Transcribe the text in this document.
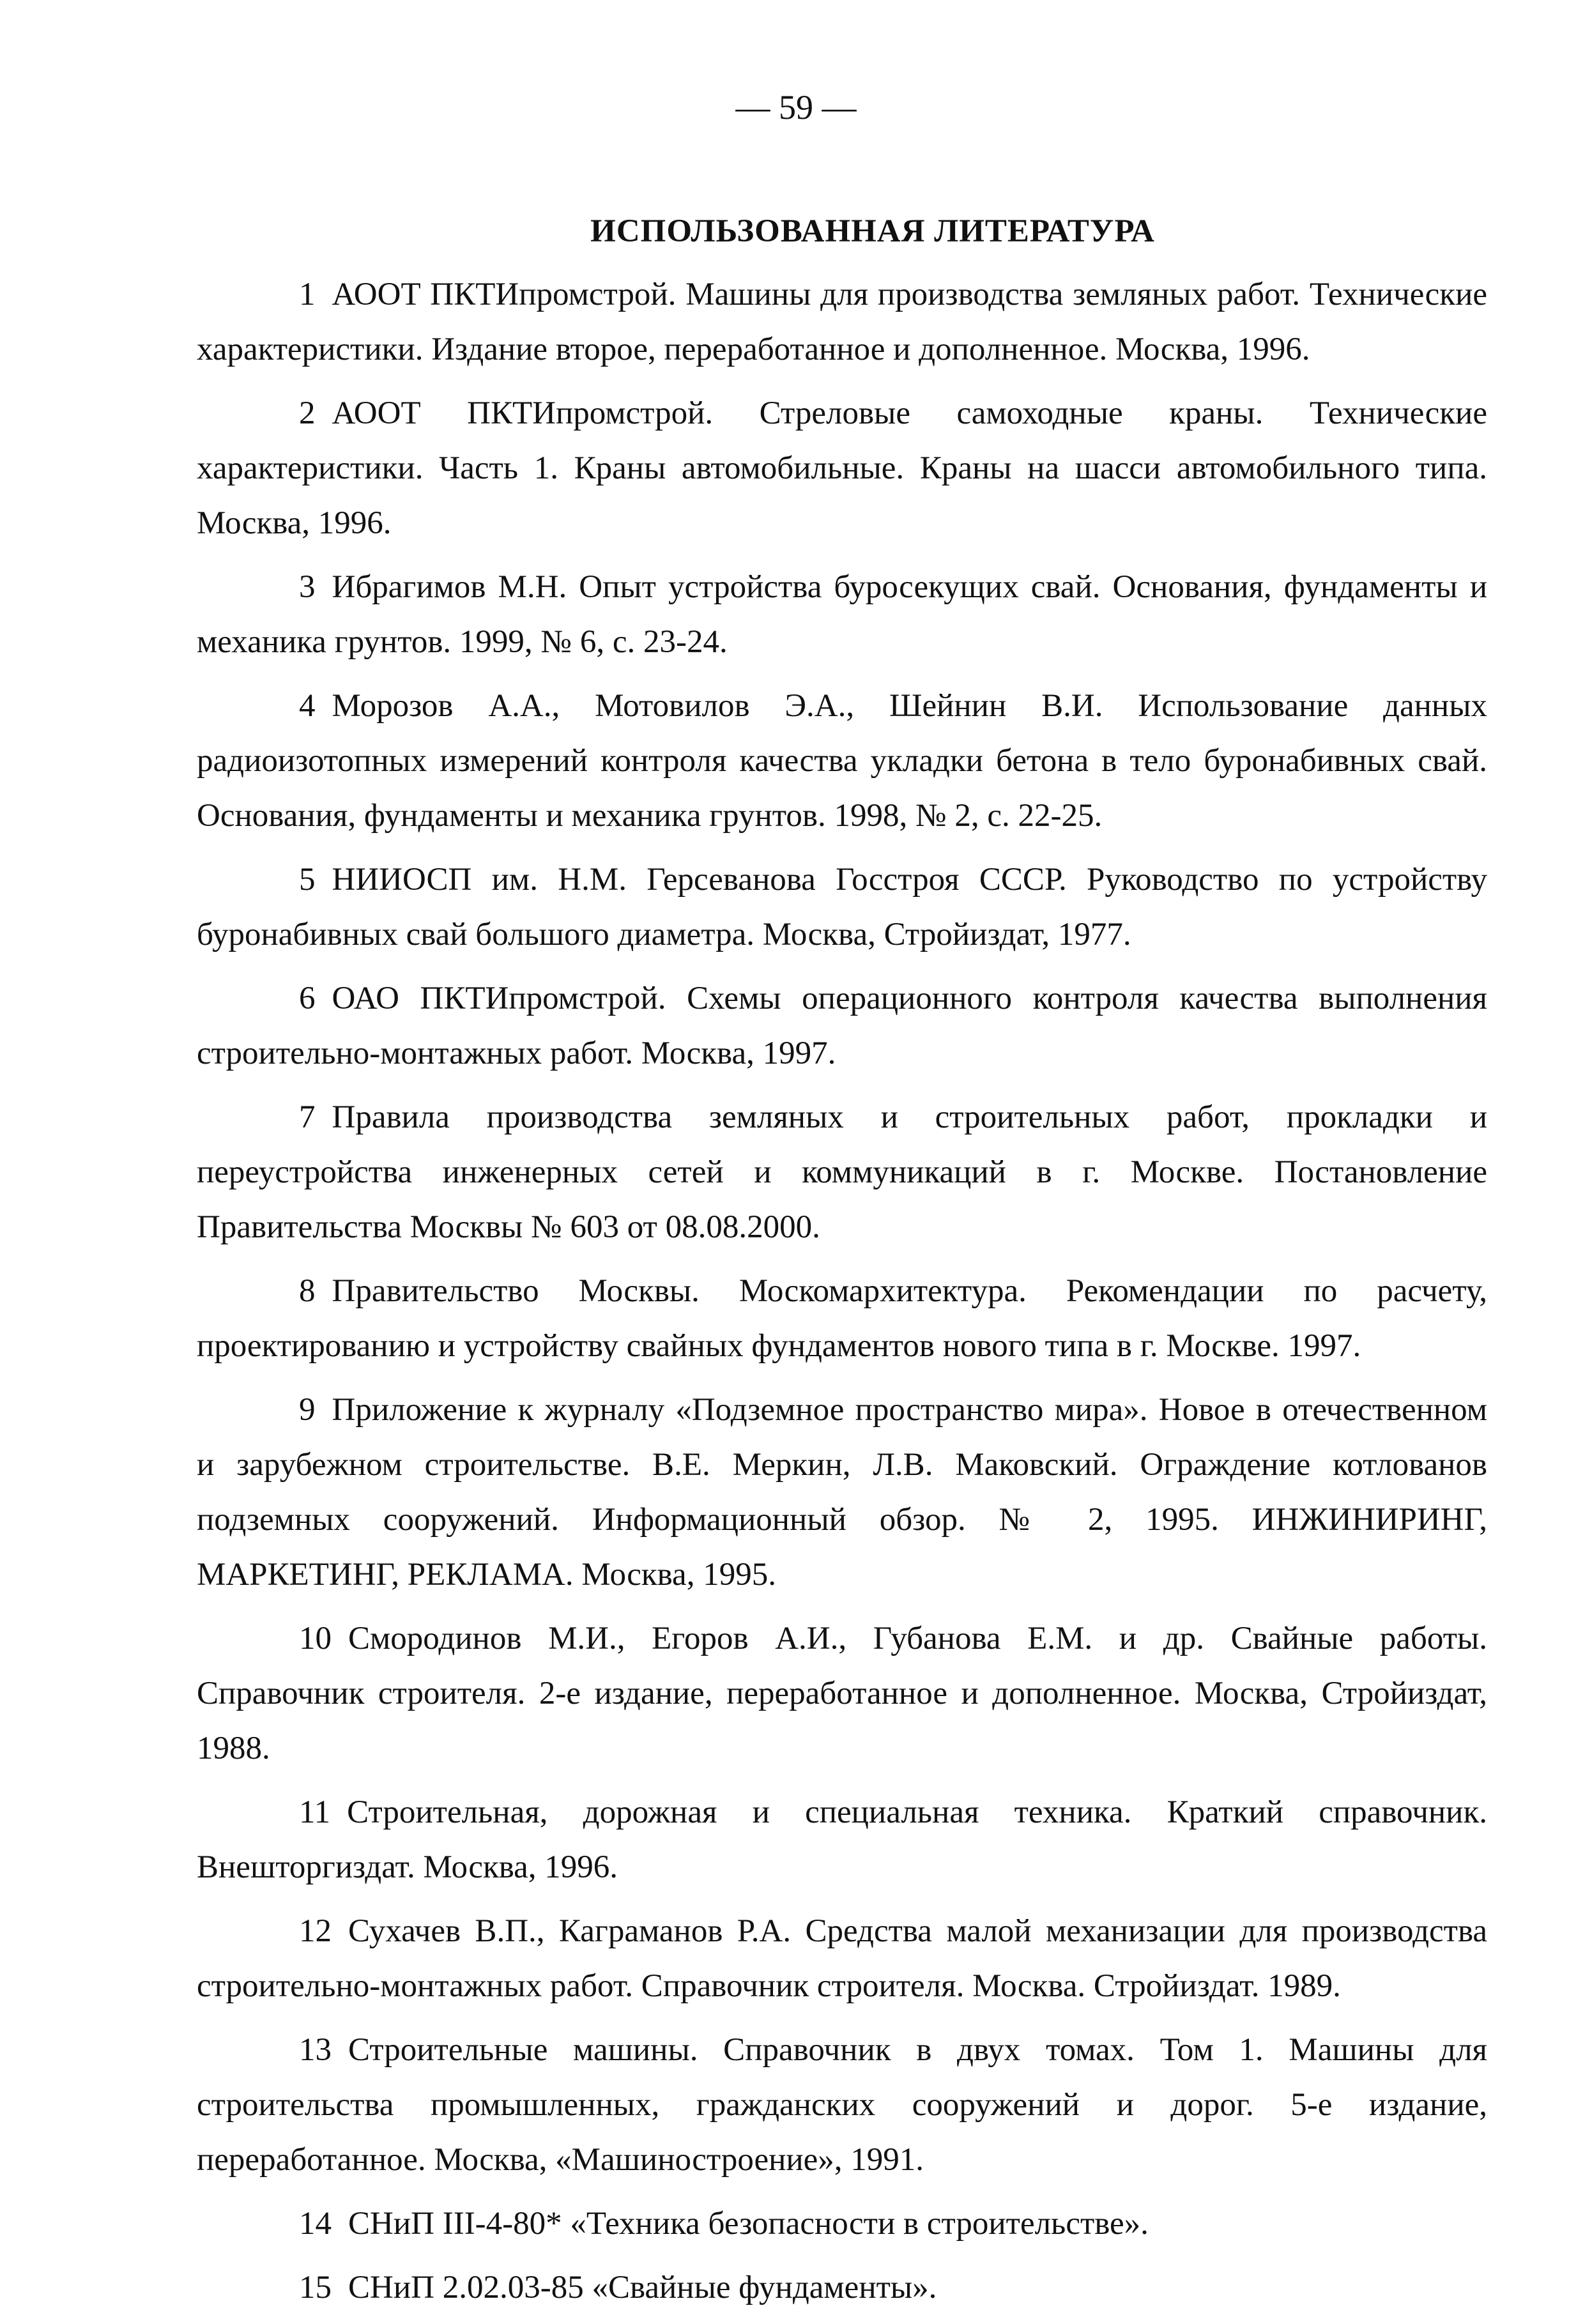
— 59 —
ИСПОЛЬЗОВАННАЯ ЛИТЕРАТУРА
1 АООТ ПКТИпромстрой. Машины для производства земляных работ. Технические характеристики. Издание второе, переработанное и дополненное. Москва, 1996.
2 АООТ ПКТИпромстрой. Стреловые самоходные краны. Технические характеристики. Часть 1. Краны автомобильные. Краны на шасси автомобильного типа. Москва, 1996.
3 Ибрагимов М.Н. Опыт устройства буросекущих свай. Основания, фундаменты и механика грунтов. 1999, № 6, с. 23-24.
4 Морозов А.А., Мотовилов Э.А., Шейнин В.И. Использование данных радиоизотопных измерений контроля качества укладки бетона в тело буронабивных свай. Основания, фундаменты и механика грунтов. 1998, № 2, с. 22-25.
5 НИИОСП им. Н.М. Герсеванова Госстроя СССР. Руководство по устройству буронабивных свай большого диаметра. Москва, Стройиздат, 1977.
6 ОАО ПКТИпромстрой. Схемы операционного контроля качества выполнения строительно-монтажных работ. Москва, 1997.
7 Правила производства земляных и строительных работ, прокладки и переустройства инженерных сетей и коммуникаций в г. Москве. Постановление Правительства Москвы № 603 от 08.08.2000.
8 Правительство Москвы. Москомархитектура. Рекомендации по расчету, проектированию и устройству свайных фундаментов нового типа в г. Москве. 1997.
9 Приложение к журналу «Подземное пространство мира». Новое в отечественном и зарубежном строительстве. В.Е. Меркин, Л.В. Маковский. Ограждение котлованов подземных сооружений. Информационный обзор. № 2, 1995. ИНЖИНИРИНГ, МАРКЕТИНГ, РЕКЛАМА. Москва, 1995.
10 Смородинов М.И., Егоров А.И., Губанова Е.М. и др. Свайные работы. Справочник строителя. 2-е издание, переработанное и дополненное. Москва, Стройиздат, 1988.
11 Строительная, дорожная и специальная техника. Краткий справочник. Внешторгиздат. Москва, 1996.
12 Сухачев В.П., Каграманов Р.А. Средства малой механизации для производства строительно-монтажных работ. Справочник строителя. Москва. Стройиздат. 1989.
13 Строительные машины. Справочник в двух томах. Том 1. Машины для строительства промышленных, гражданских сооружений и дорог. 5-е издание, переработанное. Москва, «Машиностроение», 1991.
14 СНиП III-4-80* «Техника безопасности в строительстве».
15 СНиП 2.02.03-85 «Свайные фундаменты».
